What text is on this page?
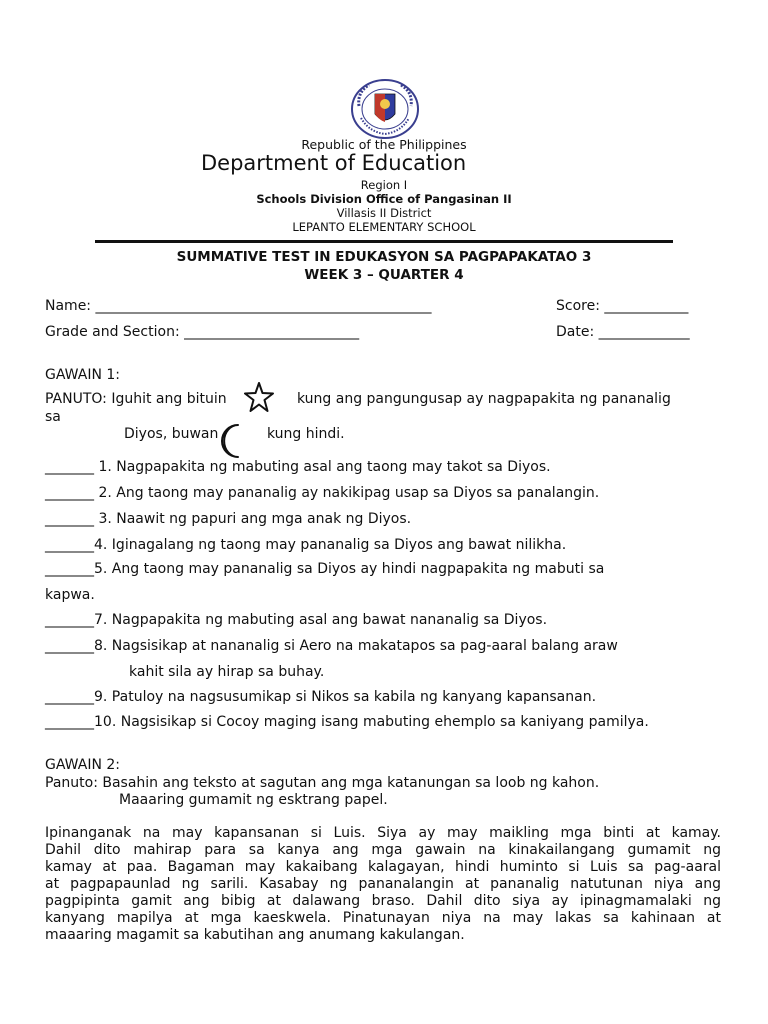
Republic of the Philippines
Department of Education
Region I
Schools Division Office of Pangasinan II
Villasis II District
LEPANTO ELEMENTARY SCHOOL
SUMMATIVE TEST IN EDUKASYON SA PAGPAPAKATAO 3
WEEK 3 – QUARTER 4
Name: ________________________________________________	Score: ____________
Grade and Section: _________________________	Date: _____________
GAWAIN 1:
PANUTO: Iguhit ang bituin	kung ang pangungusap ay nagpapakita ng pananalig
sa
Diyos, buwan	kung hindi.
_______ 1. Nagpapakita ng mabuting asal ang taong may takot sa Diyos.
_______ 2. Ang taong may pananalig ay nakikipag usap sa Diyos sa panalangin.
_______ 3. Naawit ng papuri ang mga anak ng Diyos.
_______4. Iginagalang ng taong may pananalig sa Diyos ang bawat nilikha.
_______5. Ang taong may pananalig sa Diyos ay hindi nagpapakita ng mabuti sa
kapwa.
_______7. Nagpapakita ng mabuting asal ang bawat nananalig sa Diyos.
_______8. Nagsisikap at nananalig si Aero na makatapos sa pag-aaral balang araw
kahit sila ay hirap sa buhay.
_______9. Patuloy na nagsusumikap si Nikos sa kabila ng kanyang kapansanan.
_______10. Nagsisikap si Cocoy maging isang mabuting ehemplo sa kaniyang pamilya.
GAWAIN 2:
Panuto: Basahin ang teksto at sagutan ang mga katanungan sa loob ng kahon.
Maaaring gumamit ng esktrang papel.
Ipinanganak na may kapansanan si Luis. Siya ay may maikling mga binti at kamay.
Dahil dito mahirap para sa kanya ang mga gawain na kinakailangang gumamit ng
kamay at paa. Bagaman may kakaibang kalagayan, hindi huminto si Luis sa pag-aaral
at pagpapaunlad ng sarili. Kasabay ng pananalangin at pananalig natutunan niya ang
pagpipinta gamit ang bibig at dalawang braso. Dahil dito siya ay ipinagmamalaki ng
kanyang mapilya at mga kaeskwela. Pinatunayan niya na may lakas sa kahinaan at
maaaring magamit sa kabutihan ang anumang kakulangan.
